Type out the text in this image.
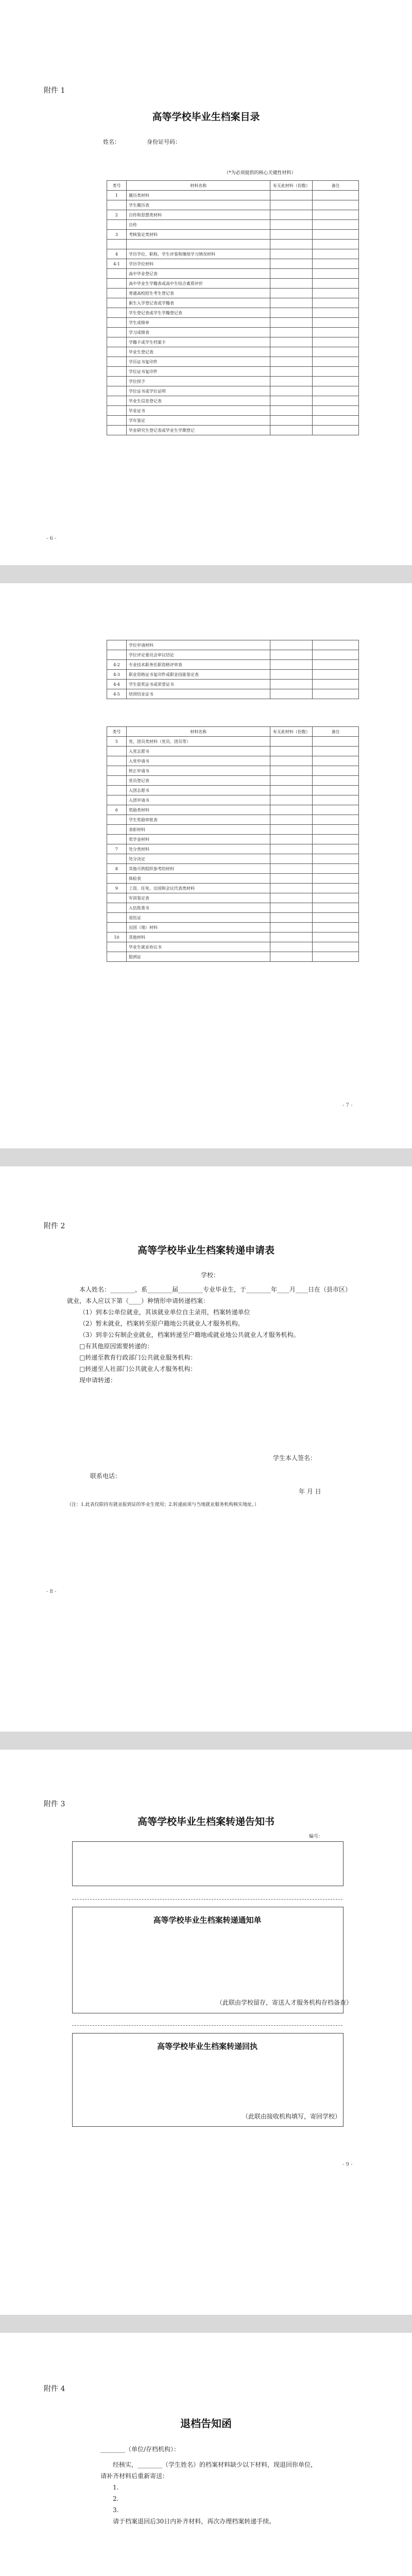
附件 1
高等学校毕业生档案目录
姓名：	身份证号码：
（*为必须提供的核心关键性材料）
类号	材料名称	有无此材料（份数）	备注
1	履历类材料		
	学生履历表		
2	自传和思想类材料		
	自传		
3	考核鉴定类材料		

4	学历学位、职称、学生评鉴和继续学习情况材料		
4-1	学历学位材料		
	高中毕业登记表		
	高中毕业生学籍表或高中生综合素质评价		
	普通高校招生考生登记表		
	新生入学登记表或学籍表		
	学生登记表或学生学籍登记表		
	学生成绩单		
	学习成绩表		
	学籍卡或学生档案卡		
	毕业生登记表		
	学历证书复印件		
	学位证书复印件		
	学位授予		
	学位证书或学位证明		
	毕业生信息登记表		
	毕业证书		
	学年鉴定		
	毕业研究生登记表或毕业生学期登记		
- 6 -
	学位申请材料		
	学位评定委员会审议结论		
4-2	专业技术职务任职资格评审表		
4-3	职业资格证书复印件或职业技能鉴定表		
4-4	学生获奖证书或荣誉证书		
4-5	培训结业证书		
类号	材料名称	有无此材料（份数）	备注
5	党、团员类材料（党员、团员等）		
	入党志愿书		
	入党申请书		
	转正申请书		
	党员登记表		
	入团志愿书		
	入团申请书		
6	奖励类材料		
	学生奖励审批表		
	表彰材料		
	奖学金材料		
7	处分类材料		
	处分决定		
8	其他可供组织参考的材料		
	体检表		
9	工资、任免、出国和会议代表类材料		
	军训鉴定表		
	入伍批准书		
	退伍证		
	出国（境）材料		
10	其他材料		
	毕业生就业协议书		
	报到证		
- 7 -
附件 2
高等学校毕业生档案转递申请表
学校：
本人姓名：________，系________届________专业毕业生，于________年____月____日在（县市区）就业，本人应以下第（____）种情形申请转递档案：
（1）到本公单位就业，其该就业单位自主录用，档案转递单位
（2）暂未就业，档案转至原户籍地公共就业人才服务机构。
（3）到非公有制企业就业，档案转递至户籍地或就业地公共就业人才服务机构。
□有其他原因需要转递的：
□转递至教育行政部门公共就业服务机构：
□转递至人社部门公共就业人才服务机构：
现申请转递：
学生本人签名：
联系电话：
年 月 日
（注：1.此表仅限持有就业报到证的毕业生使用；2.转递前须与当地就业服务机构核实地址。）
- 8 -
附件 3
高等学校毕业生档案转递告知书
编号：
高等学校毕业生档案转递通知单
（此联由学校留存，寄送人才服务机构存档备查）
高等学校毕业生档案转递回执
（此联由接收机构填写，寄回学校）
- 9 -
附件 4
退档告知函
________（单位/存档机构）：
经核实，________（学生姓名）的档案材料缺少以下材料，现退回你单位，请补齐材料后重新寄送：
1.
2.
3.
请于档案退回后30日内补齐材料，再次办理档案转递手续。
